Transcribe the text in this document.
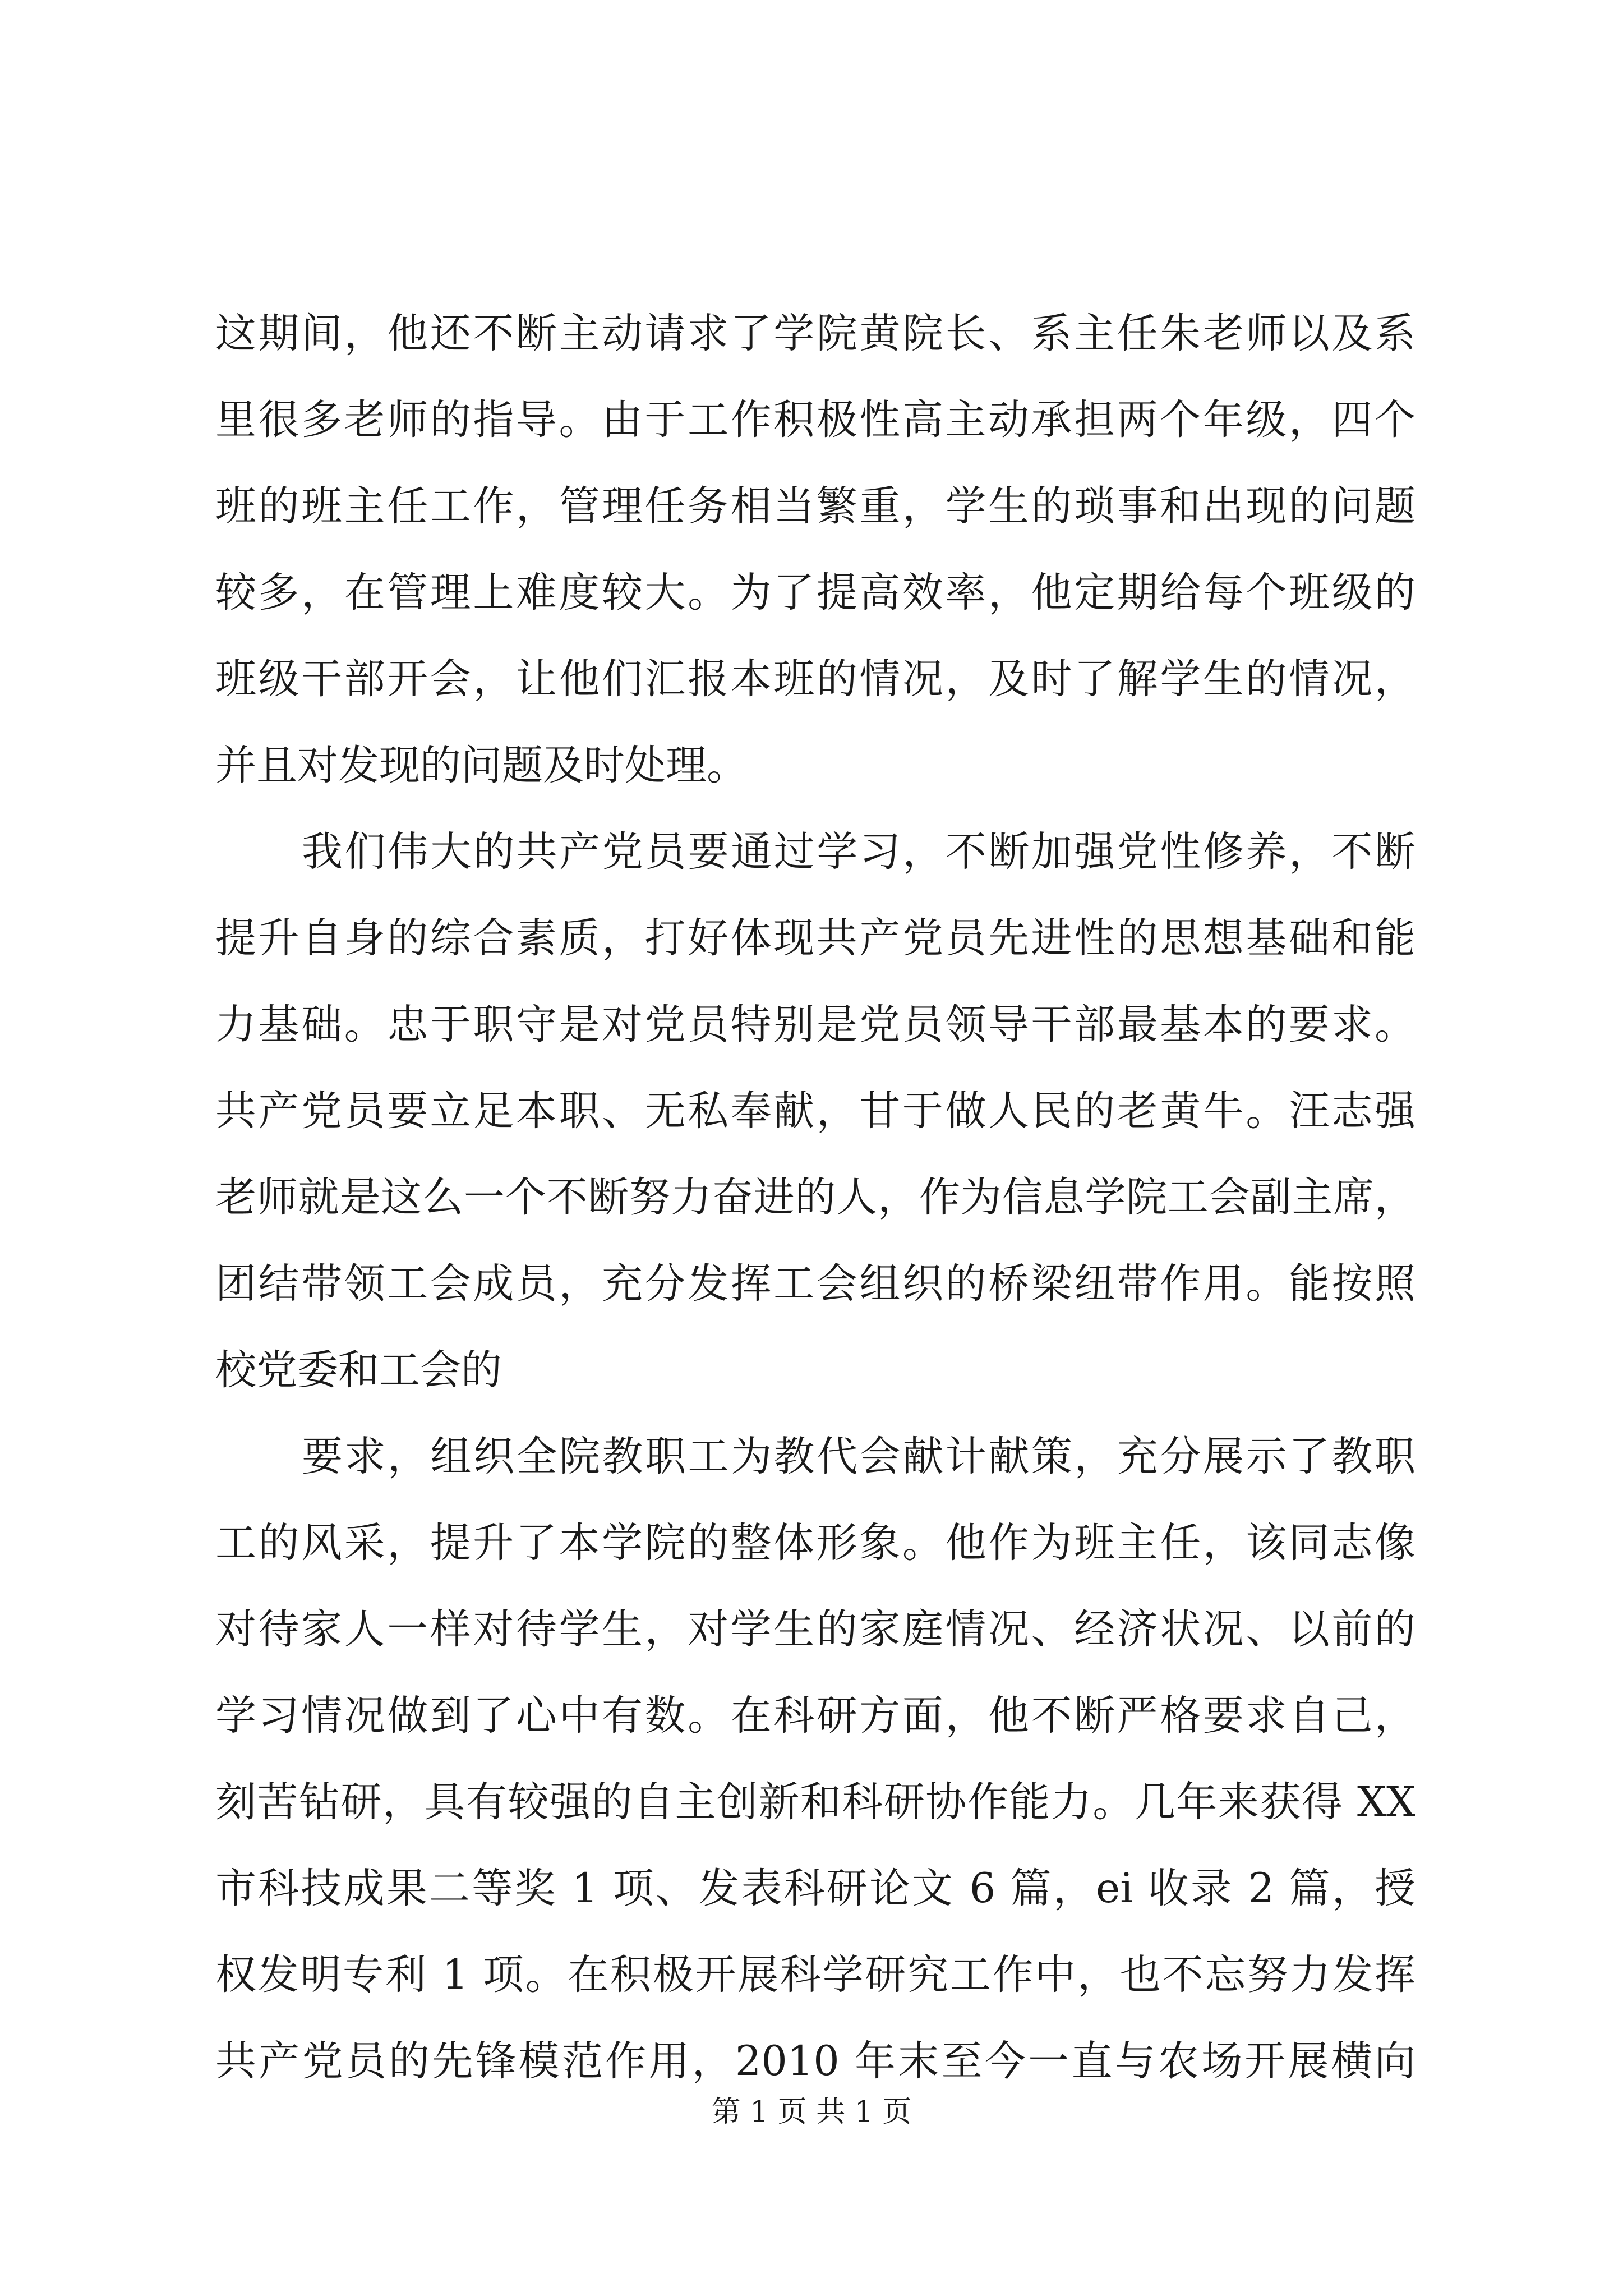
这期间，他还不断主动请求了学院黄院长、系主任朱老师以及系
里很多老师的指导。由于工作积极性高主动承担两个年级，四个
班的班主任工作，管理任务相当繁重，学生的琐事和出现的问题
较多，在管理上难度较大。为了提高效率，他定期给每个班级的
班级干部开会，让他们汇报本班的情况，及时了解学生的情况，
并且对发现的问题及时处理。
我们伟大的共产党员要通过学习，不断加强党性修养，不断
提升自身的综合素质，打好体现共产党员先进性的思想基础和能
力基础。忠于职守是对党员特别是党员领导干部最基本的要求。
共产党员要立足本职、无私奉献，甘于做人民的老黄牛。汪志强
老师就是这么一个不断努力奋进的人，作为信息学院工会副主席，
团结带领工会成员，充分发挥工会组织的桥梁纽带作用。能按照
校党委和工会的
要求，组织全院教职工为教代会献计献策，充分展示了教职
工的风采，提升了本学院的整体形象。他作为班主任，该同志像
对待家人一样对待学生，对学生的家庭情况、经济状况、以前的
学习情况做到了心中有数。在科研方面，他不断严格要求自己，
刻苦钻研，具有较强的自主创新和科研协作能力。几年来获得 XX
市科技成果二等奖 1 项、发表科研论文 6 篇，ei 收录 2 篇，授
权发明专利 1 项。在积极开展科学研究工作中，也不忘努力发挥
共产党员的先锋模范作用，2010 年末至今一直与农场开展横向
第 1 页 共 1 页
